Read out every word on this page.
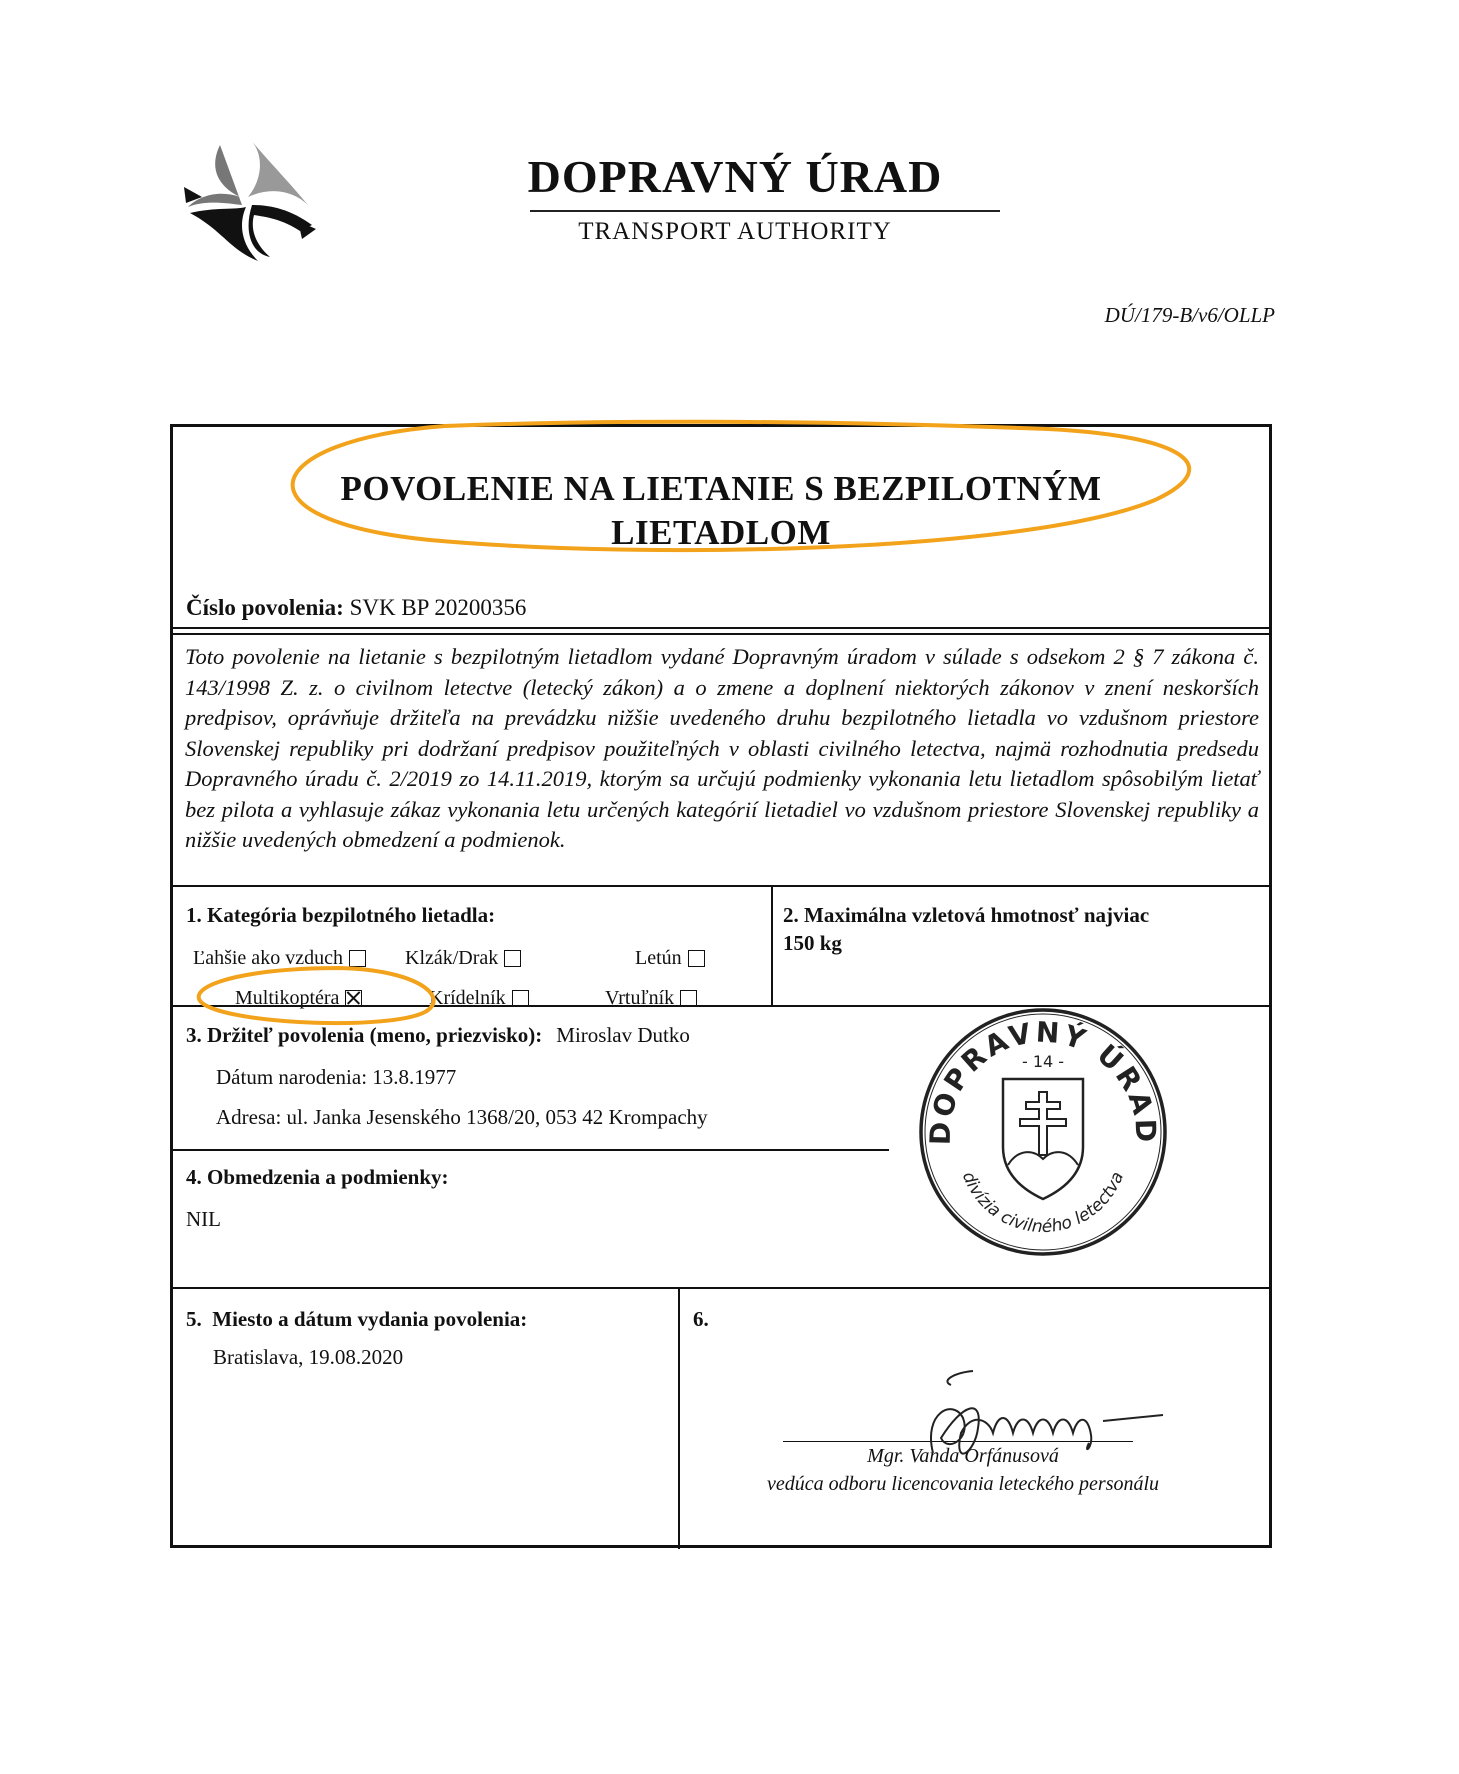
DOPRAVNÝ ÚRAD
TRANSPORT AUTHORITY
DÚ/179-B/v6/OLLP
POVOLENIE NA LIETANIE S BEZPILOTNÝM
LIETADLOM
Číslo povolenia: SVK BP 20200356
Toto povolenie na lietanie s bezpilotným lietadlom vydané Dopravným úradom v súlade s odsekom 2 § 7 zákona č. 143/1998 Z. z. o civilnom letectve (letecký zákon) a o zmene a doplnení niektorých zákonov v znení neskorších predpisov, oprávňuje držiteľa na prevádzku nižšie uvedeného druhu bezpilotného lietadla vo vzdušnom priestore Slovenskej republiky pri dodržaní predpisov použiteľných v oblasti civilného letectva, najmä rozhodnutia predsedu Dopravného úradu č. 2/2019 zo 14.11.2019, ktorým sa určujú podmienky vykonania letu lietadlom spôsobilým lietať bez pilota a vyhlasuje zákaz vykonania letu určených kategórií lietadiel vo vzdušnom priestore Slovenskej republiky a nižšie uvedených obmedzení a podmienok.
1. Kategória bezpilotného lietadla:
Ľahšie ako vzduch	Klzák/Drak	Letún
Multikoptéra	Krídelník	Vrtuľník
2. Maximálna vzletová hmotnosť najviac
150 kg
3. Držiteľ povolenia (meno, priezvisko): Miroslav Dutko
Dátum narodenia: 13.8.1977
Adresa: ul. Janka Jesenského 1368/20, 053 42 Krompachy
4. Obmedzenia a podmienky:
NIL
5.  Miesto a dátum vydania povolenia:
Bratislava, 19.08.2020
6.
Mgr. Vanda Orfánusová
vedúca odboru licencovania leteckého personálu
DOPRAVNÝ ÚRAD
- 14 -
divízia civilného letectva
